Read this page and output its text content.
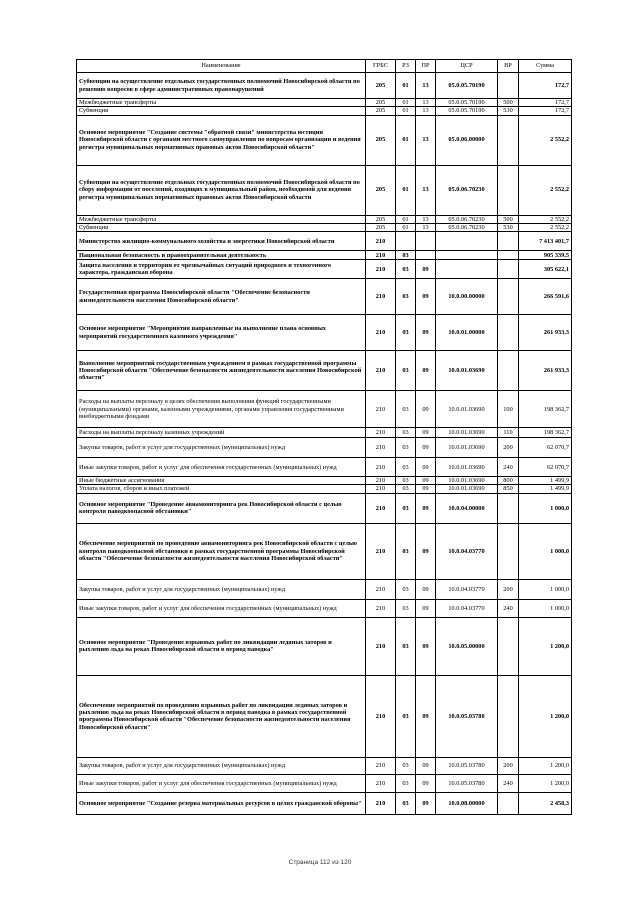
Наименование	ГРБС	РЗ	ПР	ЦСР	ВР	Сумма
Субвенции на осуществление отдельных государственных полномочий Новосибирской области по решению вопросов в сфере административных правонарушений	205	01	13	05.0.05.70190		172,7
Межбюджетные трансферты	205	01	13	05.0.05.70190	500	172,7
Субвенции	205	01	13	05.0.05.70190	530	172,7
Основное мероприятие "Создание системы "обратной связи" министерства юстиции Новосибирской области с органами местного самоуправления по вопросам организации и ведения регистра муниципальных нормативных правовых актов Новосибирской области"	205	01	13	05.0.06.00000		2 552,2
Субвенции на осуществление отдельных государственных полномочий Новосибирской области по сбору информации от поселений, входящих в муниципальный район, необходимой для ведения регистра муниципальных нормативных правовых актов Новосибирской области	205	01	13	05.0.06.70230		2 552,2
Межбюджетные трансферты	205	01	13	05.0.06.70230	500	2 552,2
Субвенции	205	01	13	05.0.06.70230	530	2 552,2
Министерство жилищно-коммунального хозяйства и энергетики Новосибирской области	210					7 413 401,7
Национальная безопасность и правоохранительная деятельность	210	03				905 339,5
Защита населения и территории от чрезвычайных ситуаций природного и техногенного характера, гражданская оборона	210	03	09			305 622,1
Государственная программа Новосибирской области "Обеспечение безопасности жизнедеятельности населения Новосибирской области"	210	03	09	10.0.00.00000		266 591,6
Основное мероприятие "Мероприятия направленные на выполнение плана основных мероприятий государственного казенного учреждения"	210	03	09	10.0.01.00000		261 933,3
Выполнение мероприятий государственным учреждением в рамках государственной программы Новосибирской области "Обеспечение безопасности жизнедеятельности населения Новосибирской области"	210	03	09	10.0.01.03690		261 933,3
Расходы на выплаты персоналу в целях обеспечения выполнения функций государственными (муниципальными) органами, казенными учреждениями, органами управления государственными внебюджетными фондами	210	03	09	10.0.01.03690	100	198 362,7
Расходы на выплаты персоналу казенных учреждений	210	03	09	10.0.01.03690	110	198 362,7
Закупка товаров, работ и услуг для государственных (муниципальных) нужд	210	03	09	10.0.01.03690	200	62 070,7
Иные закупки товаров, работ и услуг для обеспечения государственных (муниципальных) нужд	210	03	09	10.0.01.03690	240	62 070,7
Иные бюджетные ассигнования	210	03	09	10.0.01.03690	800	1 499,9
Уплата налогов, сборов и иных платежей	210	03	09	10.0.01.03690	850	1 499,9
Основное мероприятие "Проведение авиамониторинга рек Новосибирской области с целью контроля паводкоопасной обстановки"	210	03	09	10.0.04.00000		1 000,0
Обеспечение мероприятий по проведению авиамониторинга рек Новосибирской области с целью контроля паводкоопасной обстановки в рамках государственной программы Новосибирской области "Обеспечение безопасности жизнедеятельности населения Новосибирской области"	210	03	09	10.0.04.03770		1 000,0
Закупка товаров, работ и услуг для государственных (муниципальных) нужд	210	03	09	10.0.04.03770	200	1 000,0
Иные закупки товаров, работ и услуг для обеспечения государственных (муниципальных) нужд	210	03	09	10.0.04.03770	240	1 000,0
Основное мероприятие "Проведение взрывных работ по ликвидации ледяных заторов и рыхлению льда на реках Новосибирской области в период паводка"	210	03	09	10.0.05.00000		1 200,0
Обеспечение мероприятий по проведению взрывных работ по ликвидации ледяных заторов и рыхлению льда на реках Новосибирской области в период паводка в рамках государственной программы Новосибирской области "Обеспечение безопасности жизнедеятельности населения Новосибирской области"	210	03	09	10.0.05.03780		1 200,0
Закупка товаров, работ и услуг для государственных (муниципальных) нужд	210	03	09	10.0.05.03780	200	1 200,0
Иные закупки товаров, работ и услуг для обеспечения государственных (муниципальных) нужд	210	03	09	10.0.05.03780	240	1 200,0
Основное мероприятие "Создание резерва материальных ресурсов в целях гражданской обороны"	210	03	09	10.0.08.00000		2 458,3
Страница 112 из 120
